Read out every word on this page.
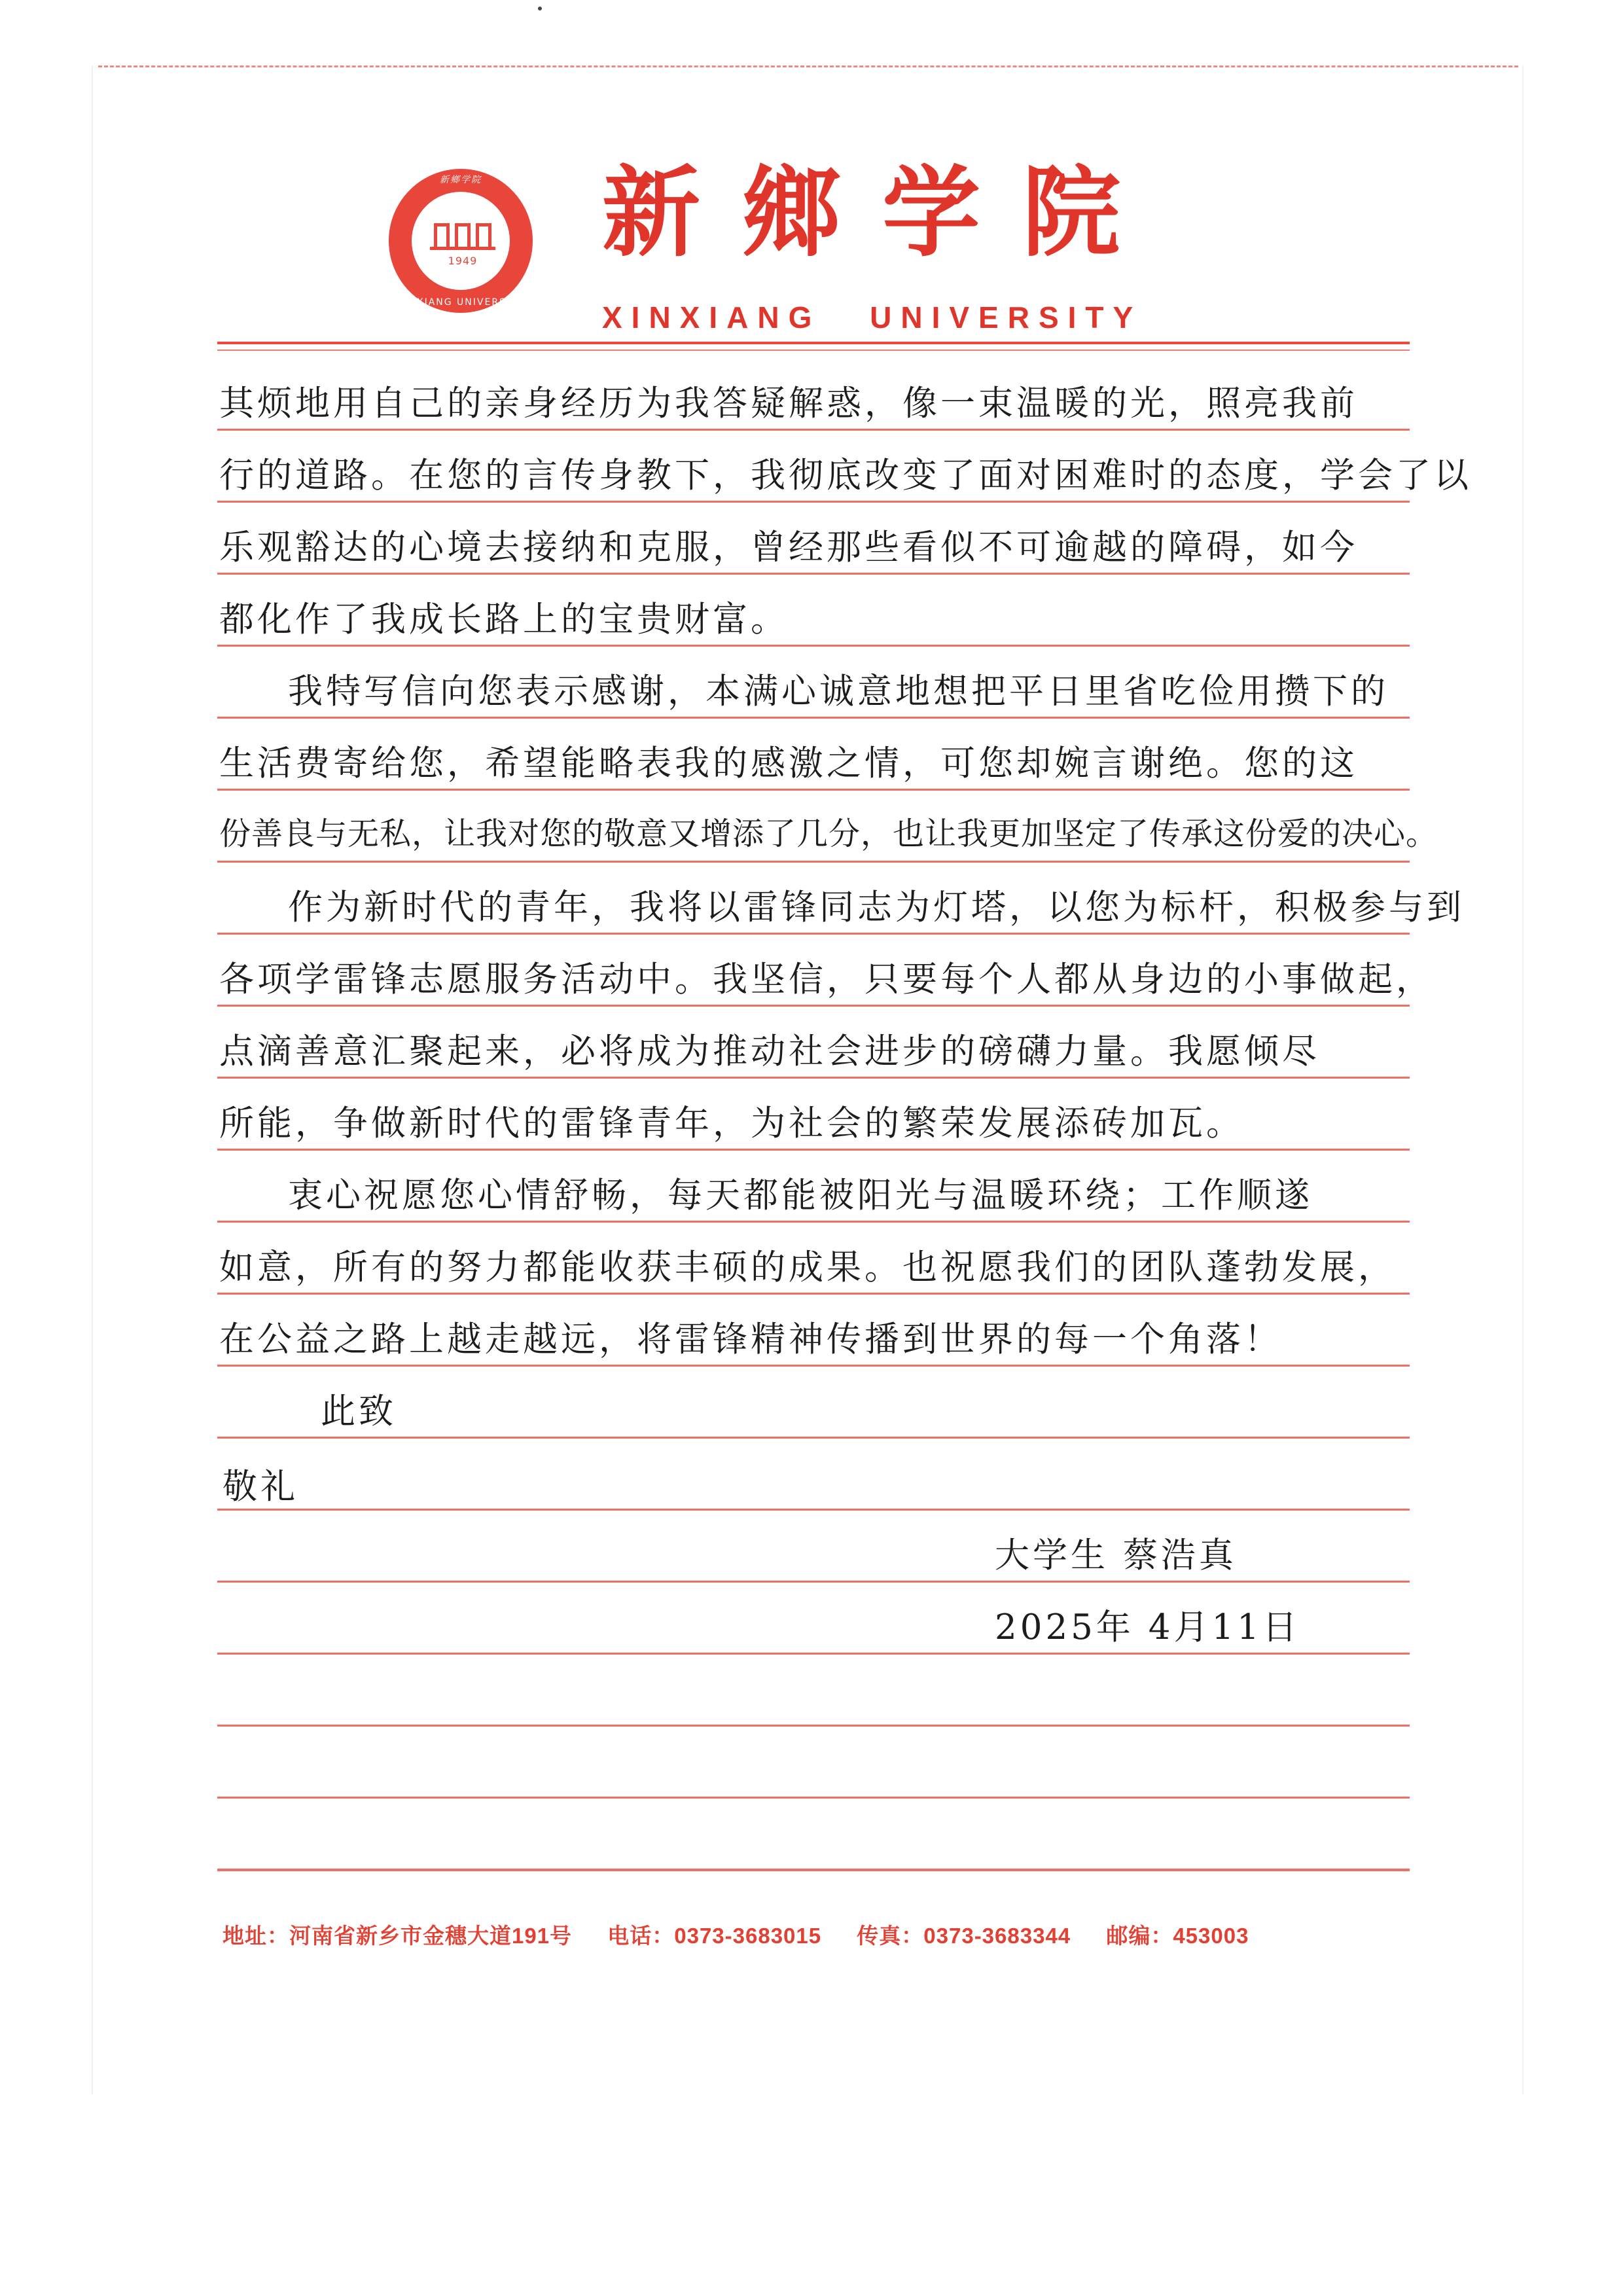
新鄉学院
1949
XINXIANG UNIVERSITY
新鄉学院
XINXIANG UNIVERSITY
其烦地用自己的亲身经历为我答疑解惑，像一束温暖的光，照亮我前
行的道路。在您的言传身教下，我彻底改变了面对困难时的态度，学会了以
乐观豁达的心境去接纳和克服，曾经那些看似不可逾越的障碍，如今
都化作了我成长路上的宝贵财富。
我特写信向您表示感谢，本满心诚意地想把平日里省吃俭用攒下的
生活费寄给您，希望能略表我的感激之情，可您却婉言谢绝。您的这
份善良与无私，让我对您的敬意又增添了几分，也让我更加坚定了传承这份爱的决心。
作为新时代的青年，我将以雷锋同志为灯塔，以您为标杆，积极参与到
各项学雷锋志愿服务活动中。我坚信，只要每个人都从身边的小事做起，
点滴善意汇聚起来，必将成为推动社会进步的磅礴力量。我愿倾尽
所能，争做新时代的雷锋青年，为社会的繁荣发展添砖加瓦。
衷心祝愿您心情舒畅，每天都能被阳光与温暖环绕；工作顺遂
如意，所有的努力都能收获丰硕的成果。也祝愿我们的团队蓬勃发展，
在公益之路上越走越远，将雷锋精神传播到世界的每一个角落！
此致
敬礼
大学生 蔡浩真
2025年 4月11日
地址：河南省新乡市金穗大道191号 电话：0373-3683015 传真：0373-3683344 邮编：453003
